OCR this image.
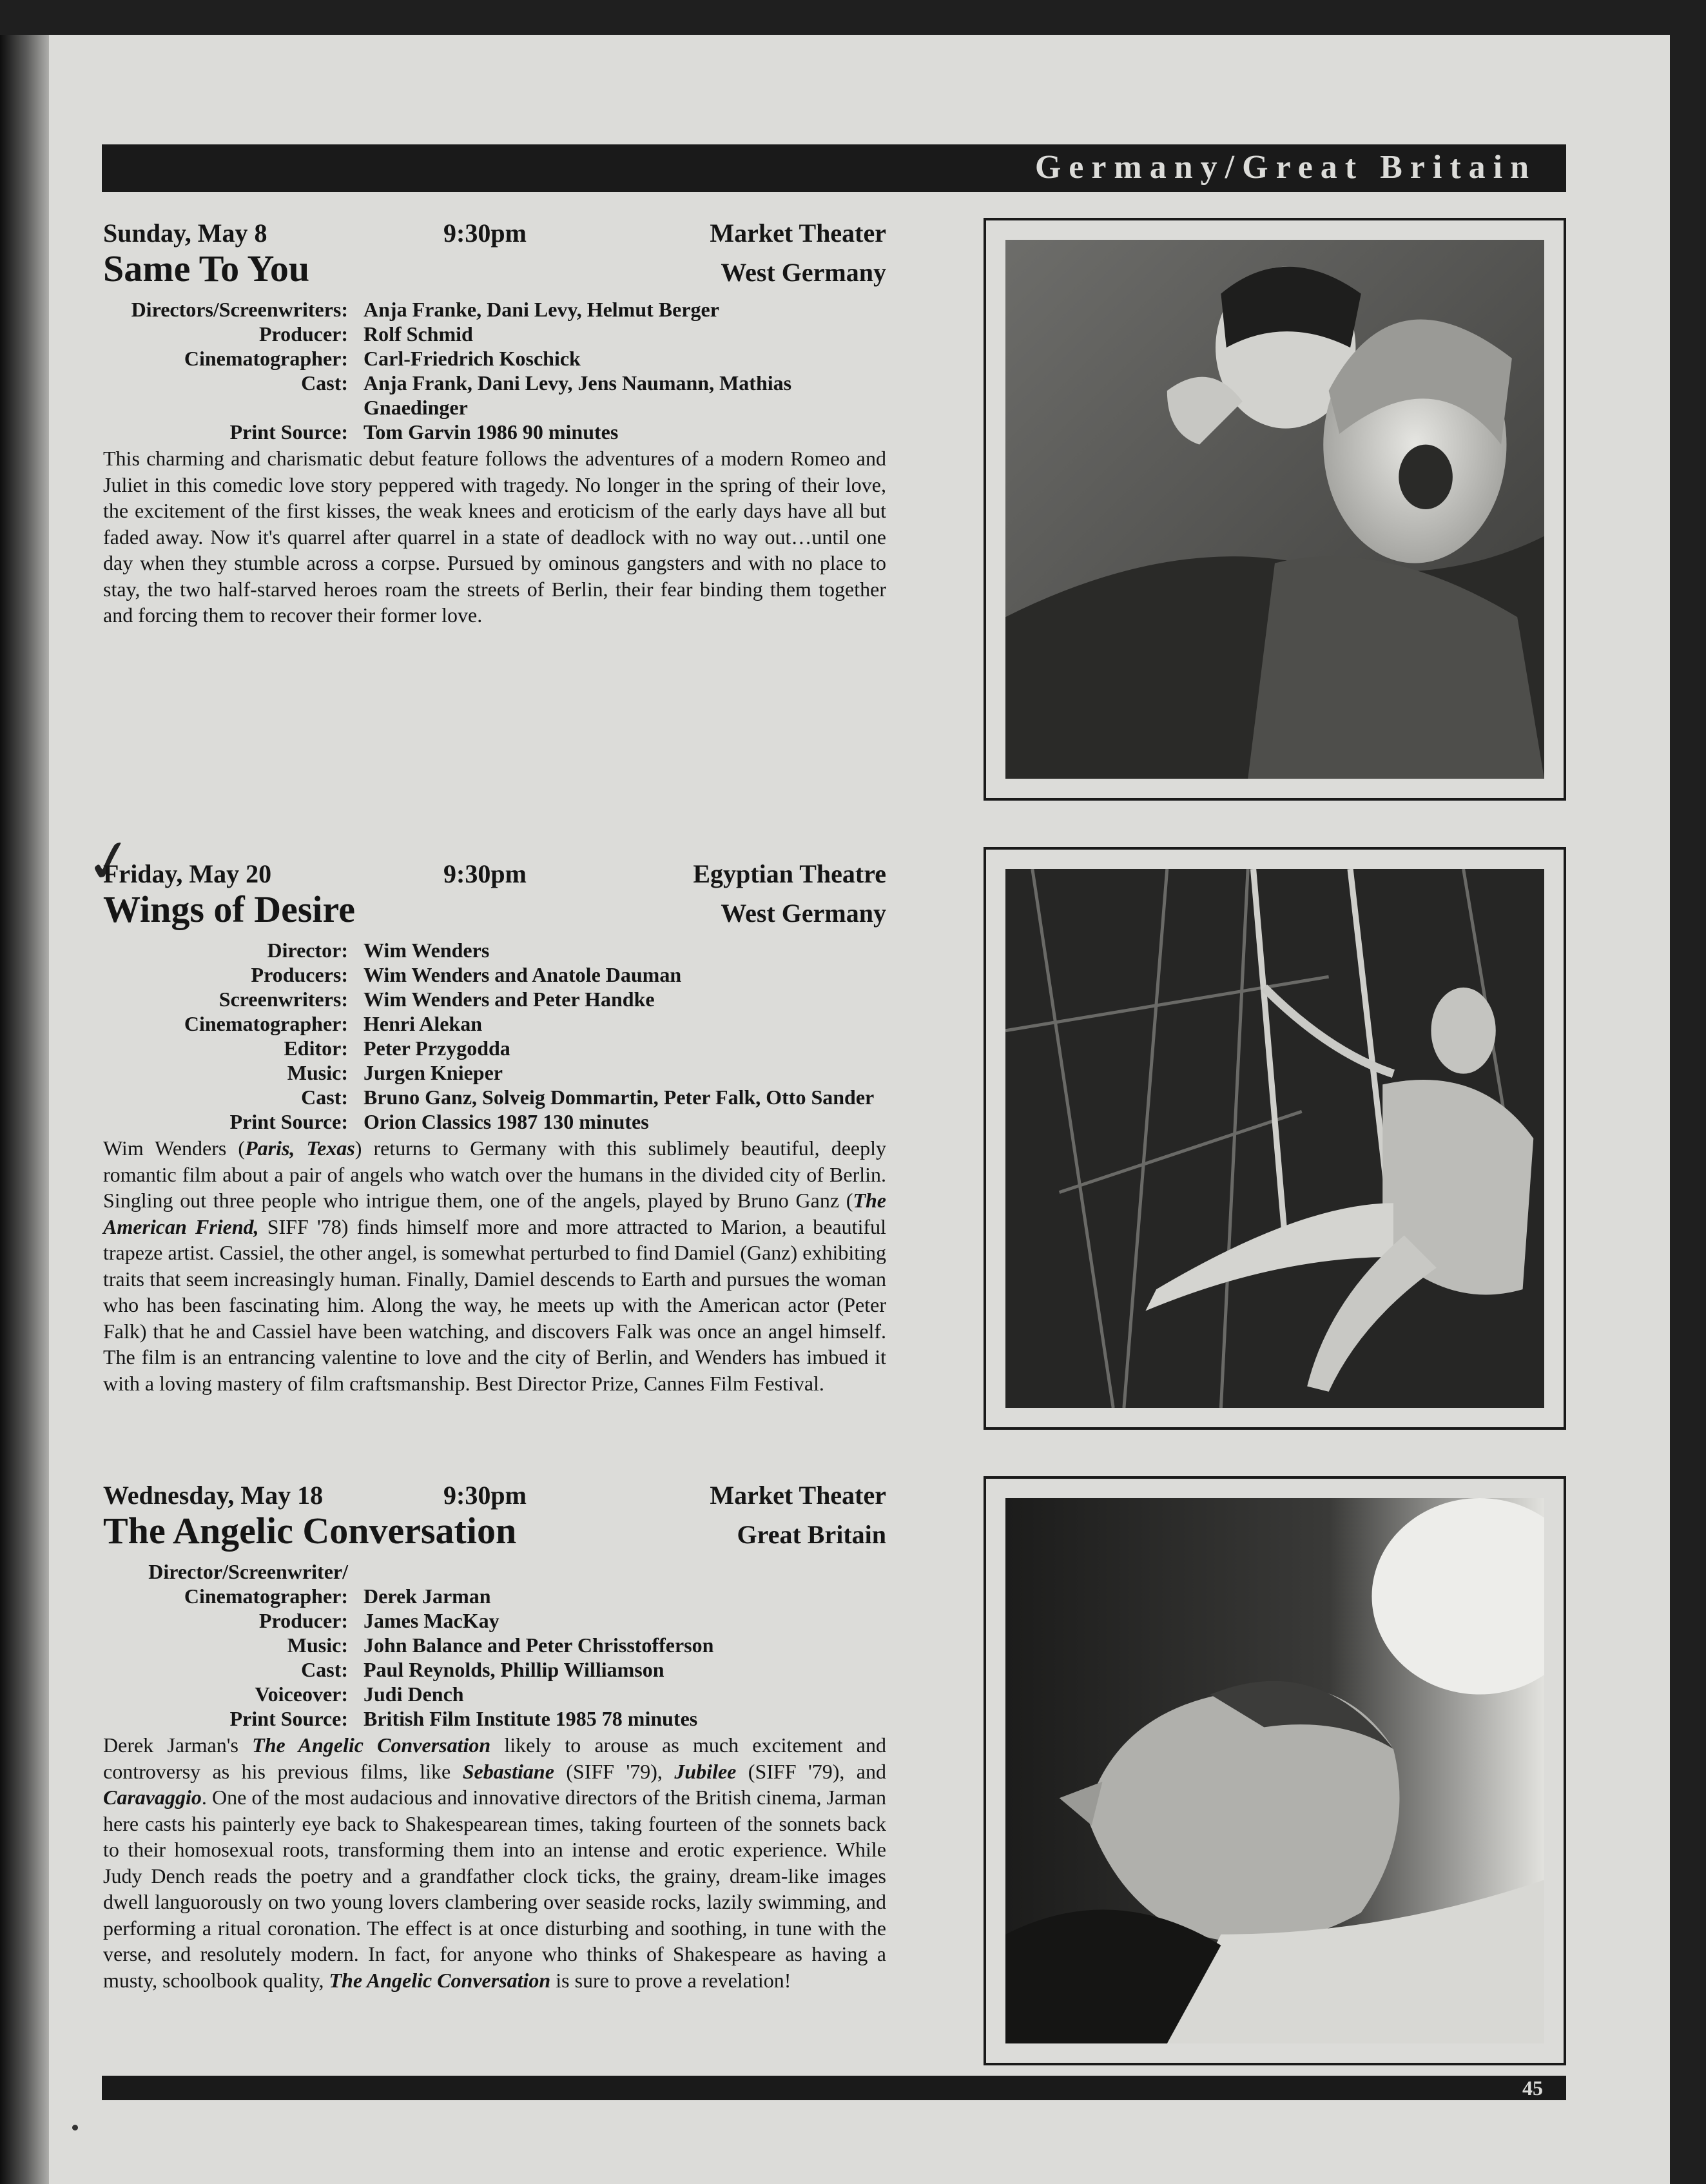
Germany/Great Britain
✓
Sunday, May 8	9:30pm	Market Theater
Same To You	West Germany
Directors/Screenwriters: Anja Franke, Dani Levy, Helmut Berger
Producer: Rolf Schmid
Cinematographer: Carl-Friedrich Koschick
Cast: Anja Frank, Dani Levy, Jens Naumann, Mathias Gnaedinger
Print Source: Tom Garvin 1986 90 minutes

This charming and charismatic debut feature follows the adventures of a modern Romeo and Juliet in this comedic love story peppered with tragedy. No longer in the spring of their love, the excitement of the first kisses, the weak knees and eroticism of the early days have all but faded away. Now it's quarrel after quarrel in a state of deadlock with no way out…until one day when they stumble across a corpse. Pursued by ominous gangsters and with no place to stay, the two half-starved heroes roam the streets of Berlin, their fear binding them together and forcing them to recover their former love.

Friday, May 20	9:30pm	Egyptian Theatre
Wings of Desire	West Germany
Director: Wim Wenders
Producers: Wim Wenders and Anatole Dauman
Screenwriters: Wim Wenders and Peter Handke
Cinematographer: Henri Alekan
Editor: Peter Przygodda
Music: Jurgen Knieper
Cast: Bruno Ganz, Solveig Dommartin, Peter Falk, Otto Sander
Print Source: Orion Classics 1987 130 minutes

Wim Wenders (Paris, Texas) returns to Germany with this sublimely beautiful, deeply romantic film about a pair of angels who watch over the humans in the divided city of Berlin. Singling out three people who intrigue them, one of the angels, played by Bruno Ganz (The American Friend, SIFF '78) finds himself more and more attracted to Marion, a beautiful trapeze artist. Cassiel, the other angel, is somewhat perturbed to find Damiel (Ganz) exhibiting traits that seem increasingly human. Finally, Damiel descends to Earth and pursues the woman who has been fascinating him. Along the way, he meets up with the American actor (Peter Falk) that he and Cassiel have been watching, and discovers Falk was once an angel himself. The film is an entrancing valentine to love and the city of Berlin, and Wenders has imbued it with a loving mastery of film craftsmanship. Best Director Prize, Cannes Film Festival.

Wednesday, May 18	9:30pm	Market Theater
The Angelic Conversation	Great Britain
Director/Screenwriter/
Cinematographer: Derek Jarman
Producer: James MacKay
Music: John Balance and Peter Chrisstofferson
Cast: Paul Reynolds, Phillip Williamson
Voiceover: Judi Dench
Print Source: British Film Institute 1985 78 minutes

Derek Jarman's The Angelic Conversation likely to arouse as much excitement and controversy as his previous films, like Sebastiane (SIFF '79), Jubilee (SIFF '79), and Caravaggio. One of the most audacious and innovative directors of the British cinema, Jarman here casts his painterly eye back to Shakespearean times, taking fourteen of the sonnets back to their homosexual roots, transforming them into an intense and erotic experience. While Judy Dench reads the poetry and a grandfather clock ticks, the grainy, dream-like images dwell languorously on two young lovers clambering over seaside rocks, lazily swimming, and performing a ritual coronation. The effect is at once disturbing and soothing, in tune with the verse, and resolutely modern. In fact, for anyone who thinks of Shakespeare as having a musty, schoolbook quality, The Angelic Conversation is sure to prove a revelation!

45
